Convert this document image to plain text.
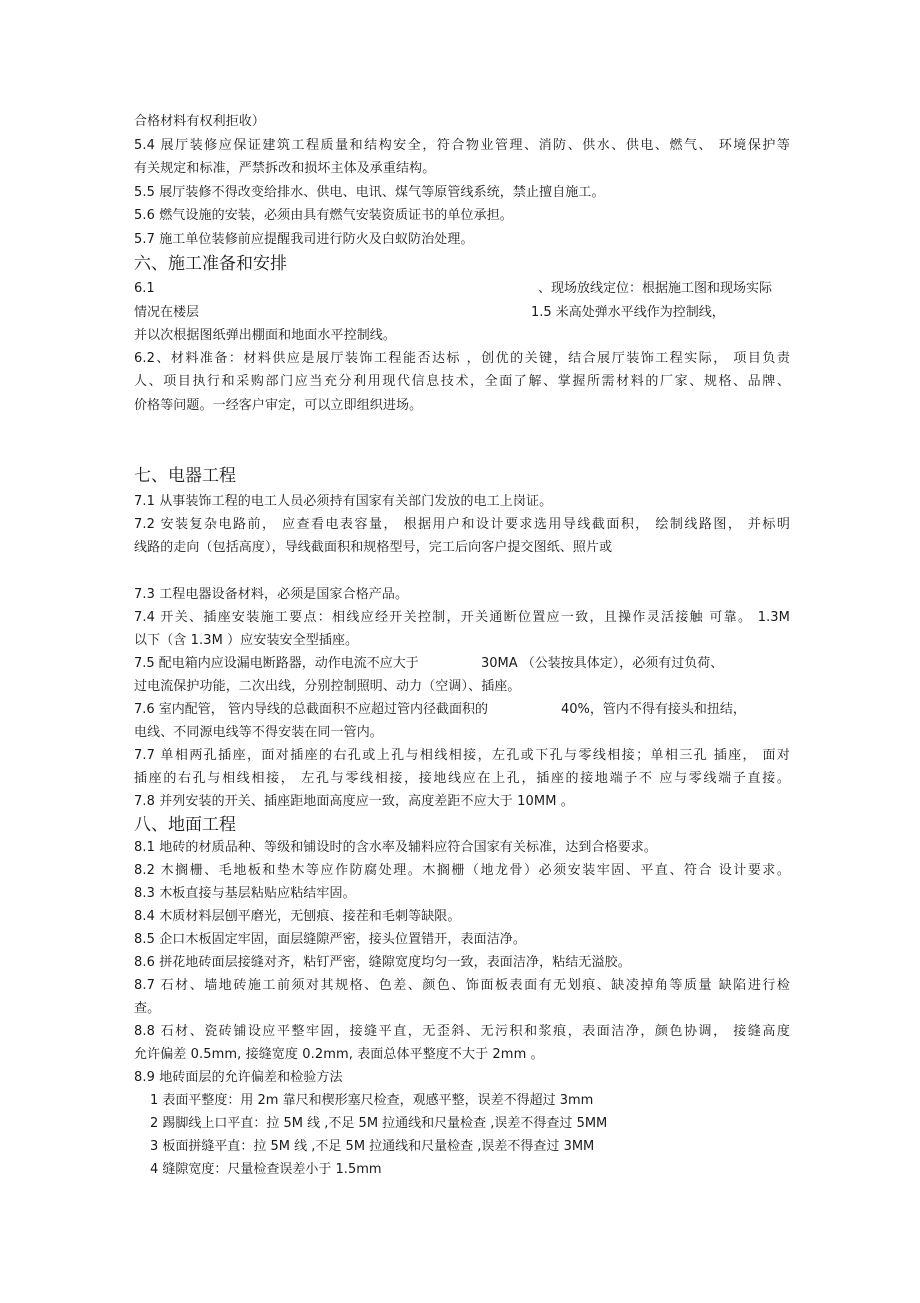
合格材料有权利拒收）
5.4 展厅装修应保证建筑工程质量和结构安全，符合物业管理、消防、供水、供电、燃气、 环境保护等
有关规定和标准，严禁拆改和损坏主体及承重结构。
5.5 展厅装修不得改变给排水、供电、电讯、煤气等原管线系统，禁止擅自施工。
5.6 燃气设施的安装，必须由具有燃气安装资质证书的单位承担。
5.7 施工单位装修前应提醒我司进行防火及白蚁防治处理。
六、施工准备和安排
6.1	、现场放线定位：根据施工图和现场实际
情况在楼层	1.5 米高处弹水平线作为控制线，
并以次根据图纸弹出棚面和地面水平控制线。
6.2、材料准备：材料供应是展厅装饰工程能否达标 ，创优的关键，结合展厅装饰工程实际， 项目负责
人、项目执行和采购部门应当充分利用现代信息技术，全面了解、掌握所需材料的厂家、规格、品牌、
价格等问题。一经客户审定，可以立即组织进场。
七、电器工程
7.1 从事装饰工程的电工人员必须持有国家有关部门发放的电工上岗证。
7.2 安装复杂电路前， 应查看电表容量， 根据用户和设计要求选用导线截面积， 绘制线路图， 并标明
线路的走向（包括高度），导线截面积和规格型号，完工后向客户提交图纸、照片或
7.3 工程电器设备材料，必须是国家合格产品。
7.4 开关、插座安装施工要点：相线应经开关控制，开关通断位置应一致，且操作灵活接触 可靠。 1.3M
以下（含 1.3M ）应安装安全型插座。
7.5 配电箱内应设漏电断路器，动作电流不应大于	30MA （公装按具体定），必须有过负荷、
过电流保护功能，二次出线，分别控制照明、动力（空调）、插座。
7.6 室内配管， 管内导线的总截面积不应超过管内径截面积的	40%，管内不得有接头和扭结，
电线、不同源电线等不得安装在同一管内。
7.7 单相两孔插座，面对插座的右孔或上孔与相线相接，左孔或下孔与零线相接；单相三孔 插座， 面对
插座的右孔与相线相接， 左孔与零线相接，接地线应在上孔，插座的接地端子不 应与零线端子直接。
7.8 并列安装的开关、插座距地面高度应一致，高度差距不应大于 10MM 。
八、地面工程
8.1 地砖的材质品种、等级和铺设时的含水率及辅料应符合国家有关标准，达到合格要求。
8.2 木搁栅、毛地板和垫木等应作防腐处理。木搁栅（地龙骨）必须安装牢固、平直、符合 设计要求。
8.3 木板直接与基层粘贴应粘结牢固。
8.4 木质材料层刨平磨光，无刨痕、接茬和毛刺等缺限。
8.5 企口木板固定牢固，面层缝隙严密，接头位置错开，表面洁净。
8.6 拼花地砖面层接缝对齐，粘钉严密，缝隙宽度均匀一致，表面洁净，粘结无溢胶。
8.7 石材、墙地砖施工前须对其规格、色差、颜色、饰面板表面有无划痕、缺凌掉角等质量 缺陷进行检
查。
8.8 石材、瓷砖铺设应平整牢固，接缝平直，无歪斜、无污积和浆痕，表面洁净，颜色协调， 接缝高度
允许偏差 0.5mm, 接缝宽度 0.2mm, 表面总体平整度不大于 2mm 。
8.9 地砖面层的允许偏差和检验方法
1 表面平整度：用 2m 靠尺和楔形塞尺检查，观感平整，误差不得超过 3mm
2 踢脚线上口平直：拉 5M 线 ,不足 5M 拉通线和尺量检查 ,误差不得查过 5MM
3 板面拼缝平直：拉 5M 线 ,不足 5M 拉通线和尺量检查 ,误差不得查过 3MM
4 缝隙宽度：尺量检查误差小于 1.5mm
